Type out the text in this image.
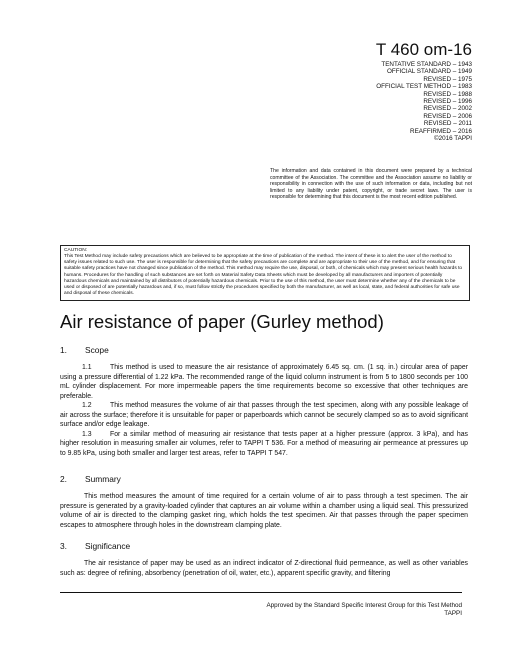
T 460 om-16
TENTATIVE STANDARD – 1943
OFFICIAL STANDARD – 1949
REVISED – 1975
OFFICIAL TEST METHOD – 1983
REVISED – 1988
REVISED – 1996
REVISED – 2002
REVISED – 2006
REVISED – 2011
REAFFIRMED – 2016
©2016 TAPPI
The information and data contained in this document were prepared by a technical committee of the Association. The committee and the Association assume no liability or responsibility in connection with the use of such information or data, including but not limited to any liability under patent, copyright, or trade secret laws. The user is responsible for determining that this document is the most recent edition published.
CAUTION:
This Test Method may include safety precautions which are believed to be appropriate at the time of publication of the method. The intent of these is to alert the user of the method to safety issues related to such use. The user is responsible for determining that the safety precautions are complete and are appropriate to their use of the method, and for ensuring that suitable safety practices have not changed since publication of the method. This method may require the use, disposal, or both, of chemicals which may present serious health hazards to humans. Procedures for the handling of such substances are set forth on Material Safety Data Sheets which must be developed by all manufacturers and importers of potentially hazardous chemicals and maintained by all distributors of potentially hazardous chemicals. Prior to the use of this method, the user must determine whether any of the chemicals to be used or disposed of are potentially hazardous and, if so, must follow strictly the procedures specified by both the manufacturer, as well as local, state, and federal authorities for safe use and disposal of these chemicals.
Air resistance of paper (Gurley method)
1. Scope

1.1	This method is used to measure the air resistance of approximately 6.45 sq. cm. (1 sq. in.) circular area of paper using a pressure differential of 1.22 kPa. The recommended range of the liquid column instrument is from 5 to 1800 seconds per 100 mL cylinder displacement. For more impermeable papers the time requirements become so excessive that other techniques are preferable.

1.2	This method measures the volume of air that passes through the test specimen, along with any possible leakage of air across the surface; therefore it is unsuitable for paper or paperboards which cannot be securely clamped so as to avoid significant surface and/or edge leakage.

1.3	For a similar method of measuring air resistance that tests paper at a higher pressure (approx. 3 kPa), and has higher resolution in measuring smaller air volumes, refer to TAPPI T 536. For a method of measuring air permeance at pressures up to 9.85 kPa, using both smaller and larger test areas, refer to TAPPI T 547.

2. Summary

This method measures the amount of time required for a certain volume of air to pass through a test specimen. The air pressure is generated by a gravity-loaded cylinder that captures an air volume within a chamber using a liquid seal. This pressurized volume of air is directed to the clamping gasket ring, which holds the test specimen. Air that passes through the paper specimen escapes to atmosphere through holes in the downstream clamping plate.

3. Significance

The air resistance of paper may be used as an indirect indicator of Z-directional fluid permeance, as well as other variables such as: degree of refining, absorbency (penetration of oil, water, etc.), apparent specific gravity, and filtering

Approved by the Standard Specific Interest Group for this Test Method
TAPPI
